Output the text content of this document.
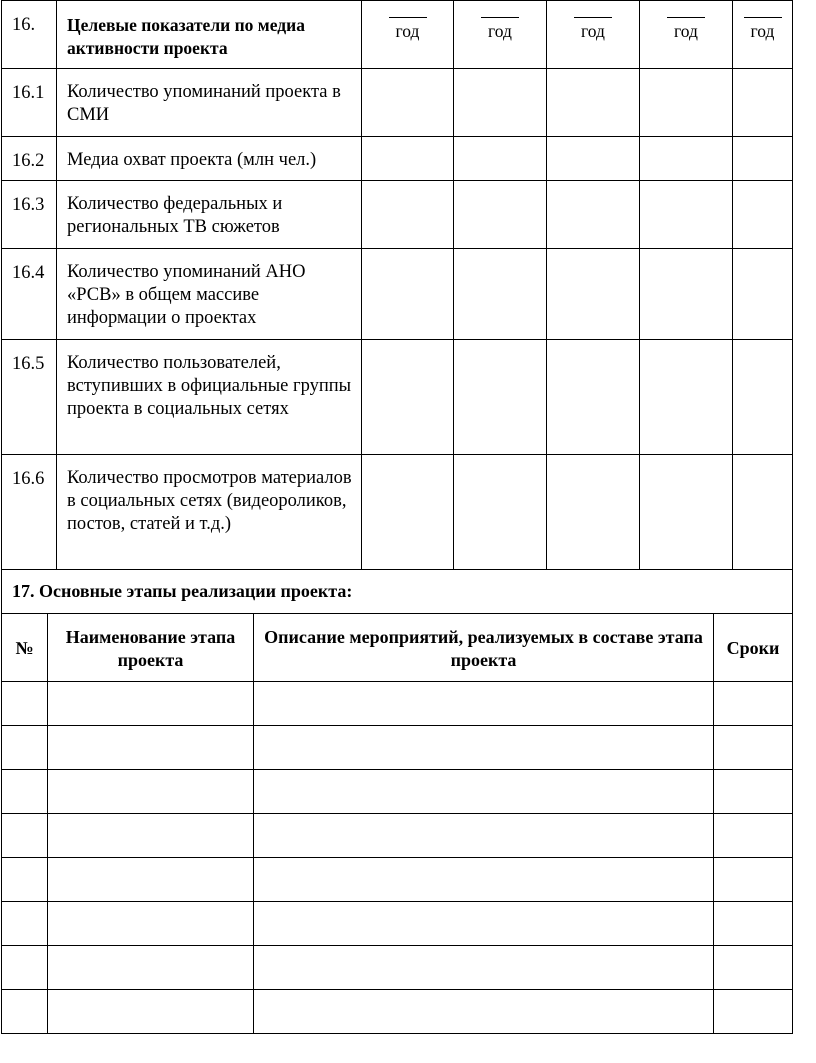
16.	Целевые показатели по медиа активности проекта	год	год	год	год	год
16.1	Количество упоминаний проекта в СМИ					
16.2	Медиа охват проекта (млн чел.)					
16.3	Количество федеральных и региональных ТВ сюжетов					
16.4	Количество упоминаний АНО «РСВ» в общем массиве информации о проектах					
16.5	Количество пользователей, вступивших в официальные группы проекта в социальных сетях					
16.6	Количество просмотров материалов в социальных сетях (видеороликов, постов, статей и т.д.)					
17. Основные этапы реализации проекта:			
№	Наименование этапа проекта	Описание мероприятий, реализуемых в составе этапа проекта	Сроки
